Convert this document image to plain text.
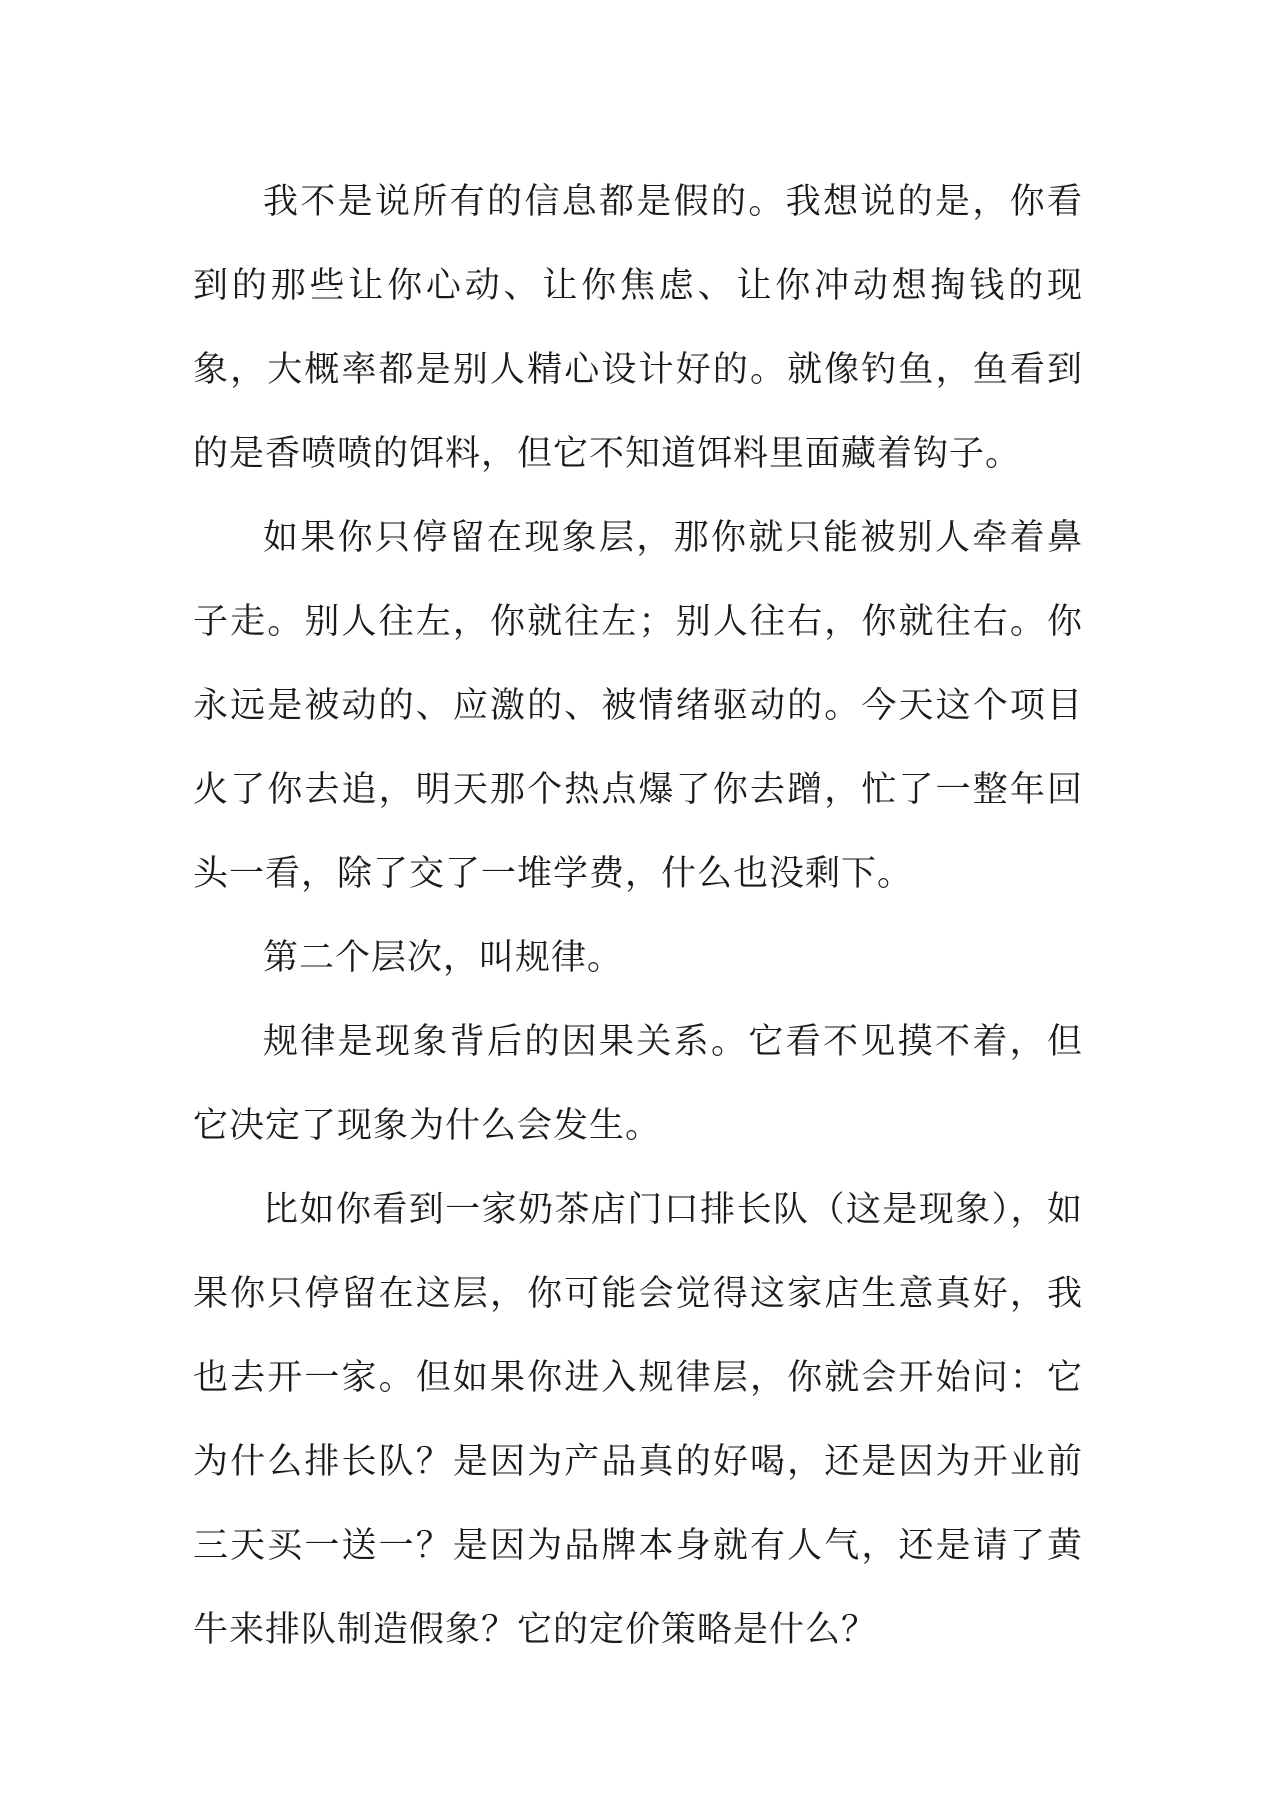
我不是说所有的信息都是假的。我想说的是，你看到的那些让你心动、让你焦虑、让你冲动想掏钱的现象，大概率都是别人精心设计好的。就像钓鱼，鱼看到的是香喷喷的饵料，但它不知道饵料里面藏着钩子。

如果你只停留在现象层，那你就只能被别人牵着鼻子走。别人往左，你就往左；别人往右，你就往右。你永远是被动的、应激的、被情绪驱动的。今天这个项目火了你去追，明天那个热点爆了你去蹭，忙了一整年回头一看，除了交了一堆学费，什么也没剩下。

第二个层次，叫规律。

规律是现象背后的因果关系。它看不见摸不着，但它决定了现象为什么会发生。

比如你看到一家奶茶店门口排长队（这是现象），如果你只停留在这层，你可能会觉得这家店生意真好，我也去开一家。但如果你进入规律层，你就会开始问：它为什么排长队？是因为产品真的好喝，还是因为开业前三天买一送一？是因为品牌本身就有人气，还是请了黄牛来排队制造假象？它的定价策略是什么？
